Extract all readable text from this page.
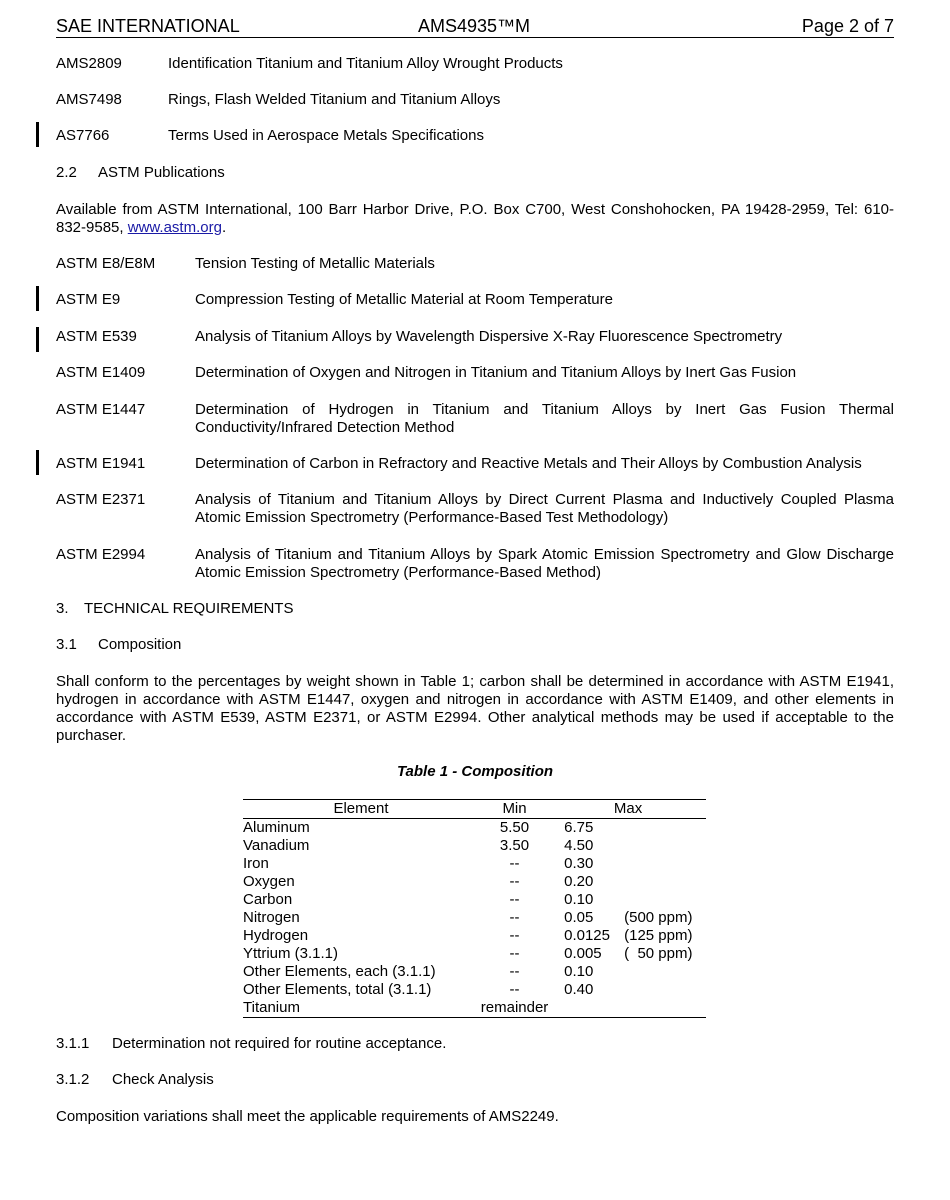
SAE INTERNATIONAL	AMS4935™M	Page 2 of 7
AMS2809	Identification Titanium and Titanium Alloy Wrought Products
AMS7498	Rings, Flash Welded Titanium and Titanium Alloys
AS7766	Terms Used in Aerospace Metals Specifications
2.2 ASTM Publications
Available from ASTM International, 100 Barr Harbor Drive, P.O. Box C700, West Conshohocken, PA 19428-2959, Tel: 610-832-9585, www.astm.org.
ASTM E8/E8M	Tension Testing of Metallic Materials
ASTM E9	Compression Testing of Metallic Material at Room Temperature
ASTM E539	Analysis of Titanium Alloys by Wavelength Dispersive X-Ray Fluorescence Spectrometry
ASTM E1409	Determination of Oxygen and Nitrogen in Titanium and Titanium Alloys by Inert Gas Fusion
ASTM E1447	Determination of Hydrogen in Titanium and Titanium Alloys by Inert Gas Fusion Thermal Conductivity/Infrared Detection Method
ASTM E1941	Determination of Carbon in Refractory and Reactive Metals and Their Alloys by Combustion Analysis
ASTM E2371	Analysis of Titanium and Titanium Alloys by Direct Current Plasma and Inductively Coupled Plasma Atomic Emission Spectrometry (Performance-Based Test Methodology)
ASTM E2994	Analysis of Titanium and Titanium Alloys by Spark Atomic Emission Spectrometry and Glow Discharge Atomic Emission Spectrometry (Performance-Based Method)
3. TECHNICAL REQUIREMENTS
3.1 Composition
Shall conform to the percentages by weight shown in Table 1; carbon shall be determined in accordance with ASTM E1941, hydrogen in accordance with ASTM E1447, oxygen and nitrogen in accordance with ASTM E1409, and other elements in accordance with ASTM E539, ASTM E2371, or ASTM E2994. Other analytical methods may be used if acceptable to the purchaser.
Table 1 - Composition
Element	Min	Max
Aluminum	5.50	6.75
Vanadium	3.50	4.50
Iron	--	0.30
Oxygen	--	0.20
Carbon	--	0.10
Nitrogen	--	0.05 (500 ppm)
Hydrogen	--	0.0125 (125 ppm)
Yttrium (3.1.1)	--	0.005 (  50 ppm)
Other Elements, each (3.1.1)	--	0.10
Other Elements, total (3.1.1)	--	0.40
Titanium	remainder	
3.1.1 Determination not required for routine acceptance.
3.1.2 Check Analysis
Composition variations shall meet the applicable requirements of AMS2249.
